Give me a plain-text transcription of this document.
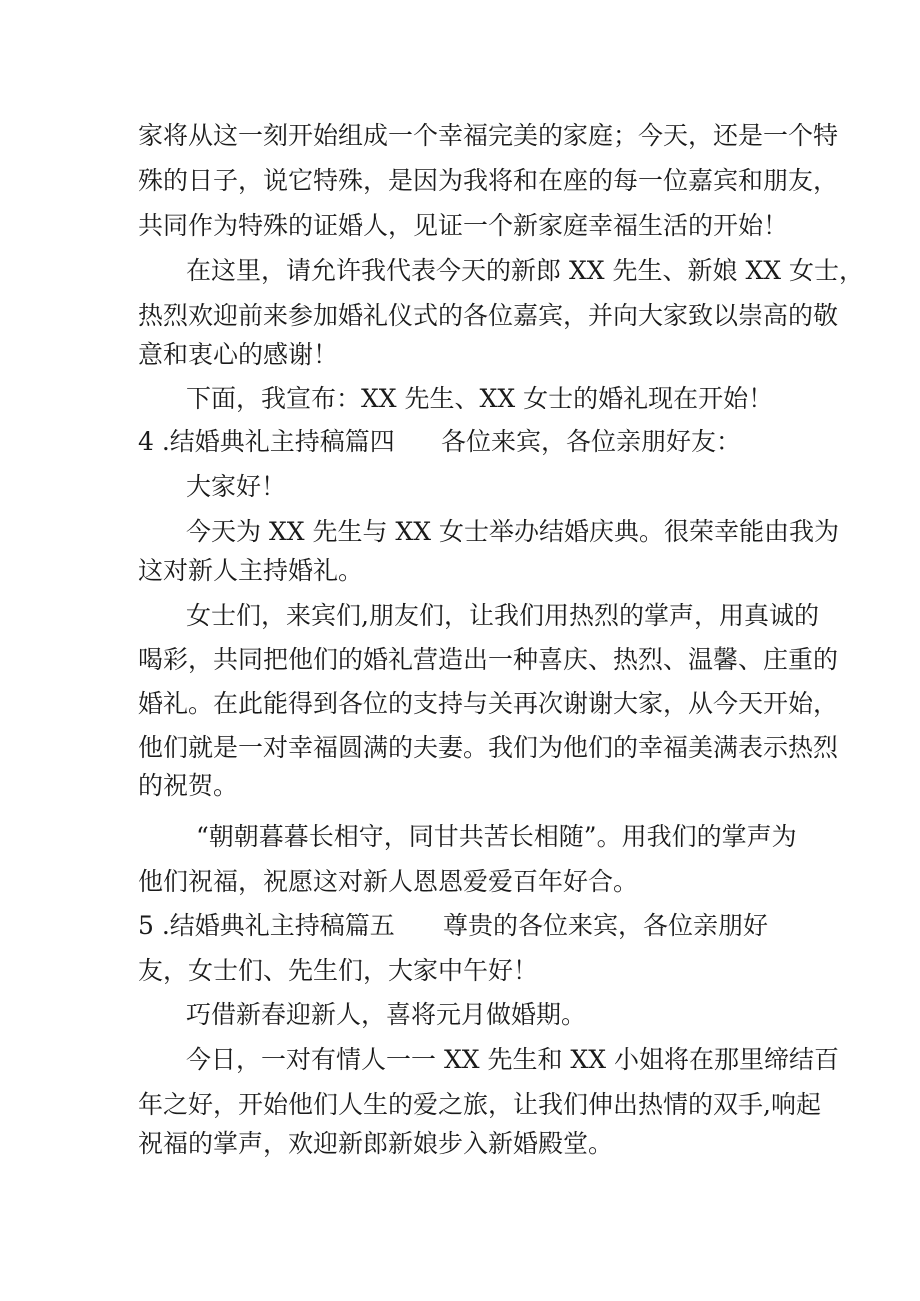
家将从这一刻开始组成一个幸福完美的家庭；今天，还是一个特

殊的日子，说它特殊，是因为我将和在座的每一位嘉宾和朋友，

共同作为特殊的证婚人，见证一个新家庭幸福生活的开始！

在这里，请允许我代表今天的新郎 XX 先生、新娘 XX 女士，

热烈欢迎前来参加婚礼仪式的各位嘉宾，并向大家致以崇高的敬

意和衷心的感谢！

下面，我宣布：XX 先生、XX 女士的婚礼现在开始！

4 .结婚典礼主持稿篇四 各位来宾，各位亲朋好友：

大家好！

今天为 XX 先生与 XX 女士举办结婚庆典。很荣幸能由我为

这对新人主持婚礼。

女士们，来宾们,朋友们，让我们用热烈的掌声，用真诚的

喝彩，共同把他们的婚礼营造出一种喜庆、热烈、温馨、庄重的

婚礼。在此能得到各位的支持与关再次谢谢大家，从今天开始，

他们就是一对幸福圆满的夫妻。我们为他们的幸福美满表示热烈

的祝贺。

“朝朝暮暮长相守，同甘共苦长相随”。用我们的掌声为

他们祝福，祝愿这对新人恩恩爱爱百年好合。

5 .结婚典礼主持稿篇五 尊贵的各位来宾，各位亲朋好

友，女士们、先生们，大家中午好！

巧借新春迎新人，喜将元月做婚期。

今日，一对有情人一一 XX 先生和 XX 小姐将在那里缔结百

年之好，开始他们人生的爱之旅，让我们伸出热情的双手,响起

祝福的掌声，欢迎新郎新娘步入新婚殿堂。
